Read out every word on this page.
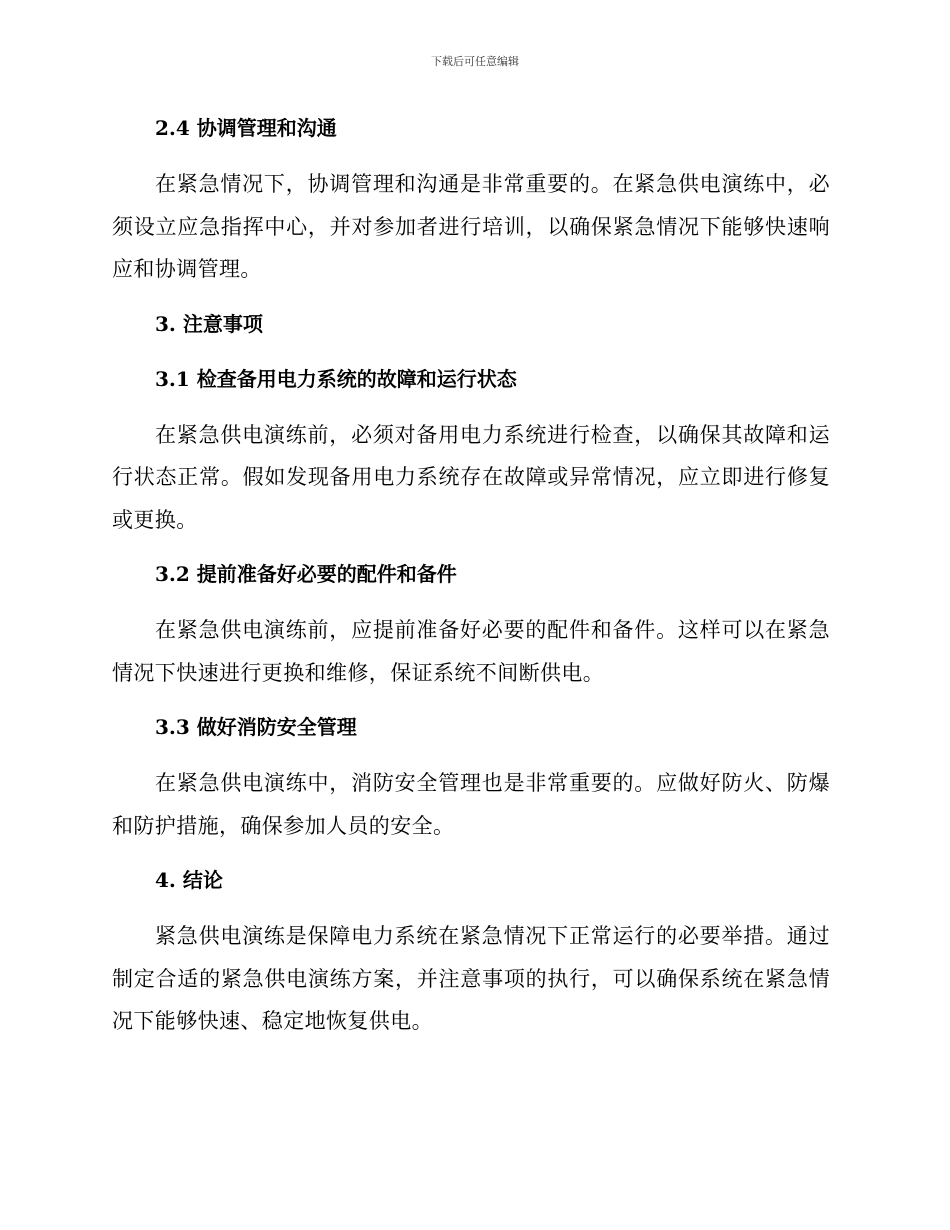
下载后可任意编辑
2.4 协调管理和沟通

在紧急情况下，协调管理和沟通是非常重要的。在紧急供电演练中，必须设立应急指挥中心，并对参加者进行培训，以确保紧急情况下能够快速响应和协调管理。

3. 注意事项
3.1 检查备用电力系统的故障和运行状态

在紧急供电演练前，必须对备用电力系统进行检查，以确保其故障和运行状态正常。假如发现备用电力系统存在故障或异常情况，应立即进行修复或更换。

3.2 提前准备好必要的配件和备件

在紧急供电演练前，应提前准备好必要的配件和备件。这样可以在紧急情况下快速进行更换和维修，保证系统不间断供电。

3.3 做好消防安全管理

在紧急供电演练中，消防安全管理也是非常重要的。应做好防火、防爆和防护措施，确保参加人员的安全。

4. 结论

紧急供电演练是保障电力系统在紧急情况下正常运行的必要举措。通过制定合适的紧急供电演练方案，并注意事项的执行，可以确保系统在紧急情况下能够快速、稳定地恢复供电。
